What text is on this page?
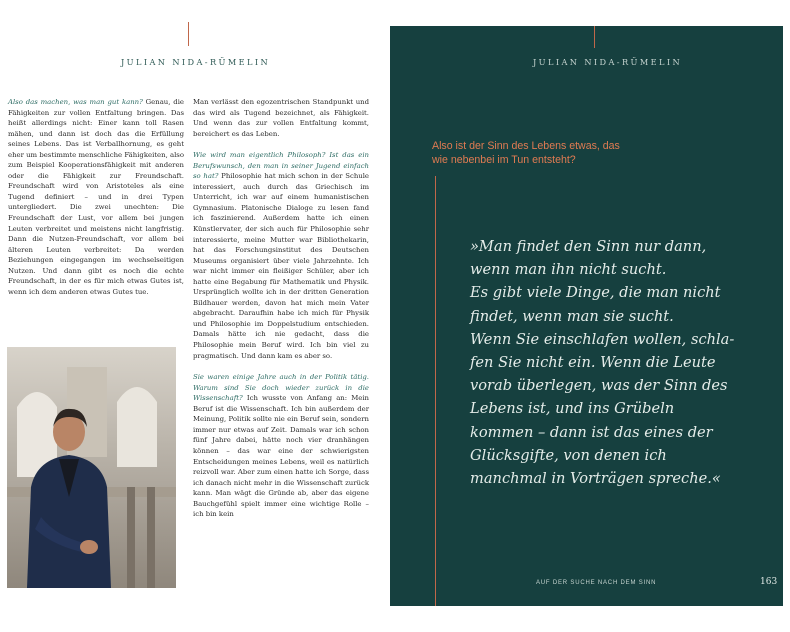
JULIAN NIDA-RÜMELIN

Also das machen, was man gut kann? Genau, die Fähigkeiten zur vollen Entfaltung bringen. Das heißt allerdings nicht: Einer kann toll Rasen mähen, und dann ist doch das die Erfüllung seines Lebens. Das ist Verballhornung, es geht eher um bestimmte menschliche Fähigkeiten, also zum Beispiel Kooperationsfähigkeit mit anderen oder die Fähigkeit zur Freundschaft. Freundschaft wird von Aristoteles als eine Tugend definiert – und in drei Typen untergliedert. Die zwei unechten: Die Freundschaft der Lust, vor allem bei jungen Leuten verbreitet und meistens nicht langfristig. Dann die Nutzen-Freundschaft, vor allem bei älteren Leuten verbreitet: Da werden Beziehungen eingegangen im wechselseitigen Nutzen. Und dann gibt es noch die echte Freundschaft, in der es für mich etwas Gutes ist, wenn ich dem anderen etwas Gutes tue.

Man verlässt den egozentrischen Standpunkt und das wird als Tugend bezeichnet, als Fähigkeit. Und wenn das zur vollen Entfaltung kommt, bereichert es das Leben.

Wie wird man eigentlich Philosoph? Ist das ein Berufswunsch, den man in seiner Jugend einfach so hat? Philosophie hat mich schon in der Schule interessiert, auch durch das Griechisch im Unterricht, ich war auf einem humanistischen Gymnasium. Platonische Dialoge zu lesen fand ich faszinierend. Außerdem hatte ich einen Künstlervater, der sich auch für Philosophie sehr interessierte, meine Mutter war Bibliothekarin, hat das Forschungsinstitut des Deutschen Museums organisiert über viele Jahrzehnte. Ich war nicht immer ein fleißiger Schüler, aber ich hatte eine Begabung für Mathematik und Physik. Ursprünglich wollte ich in der dritten Generation Bildhauer werden, davon hat mich mein Vater abgebracht. Daraufhin habe ich mich für Physik und Philosophie im Doppelstudium entschieden. Damals hätte ich nie gedacht, dass die Philosophie mein Beruf wird. Ich bin viel zu pragmatisch. Und dann kam es aber so.

Sie waren einige Jahre auch in der Politik tätig. Warum sind Sie doch wieder zurück in die Wissenschaft? Ich wusste von Anfang an: Mein Beruf ist die Wissenschaft. Ich bin außerdem der Meinung, Politik sollte nie ein Beruf sein, sondern immer nur etwas auf Zeit. Damals war ich schon fünf Jahre dabei, hätte noch vier dranhängen können – das war eine der schwierigsten Entscheidungen meines Lebens, weil es natürlich reizvoll war. Aber zum einen hatte ich Sorge, dass ich danach nicht mehr in die Wissenschaft zurück kann. Man wägt die Gründe ab, aber das eigene Bauchgefühl spielt immer eine wichtige Rolle – ich bin kein

JULIAN NIDA-RÜMELIN
Also ist der Sinn des Lebens etwas, das
wie nebenbei im Tun entsteht?
»Man findet den Sinn nur dann,
wenn man ihn nicht sucht.
Es gibt viele Dinge, die man nicht
findet, wenn man sie sucht.
Wenn Sie einschlafen wollen, schla-
fen Sie nicht ein. Wenn die Leute
vorab überlegen, was der Sinn des
Lebens ist, und ins Grübeln
kommen – dann ist das eines der
Glücksgifte, von denen ich
manchmal in Vorträgen spreche.«
AUF DER SUCHE NACH DEM SINN	163
